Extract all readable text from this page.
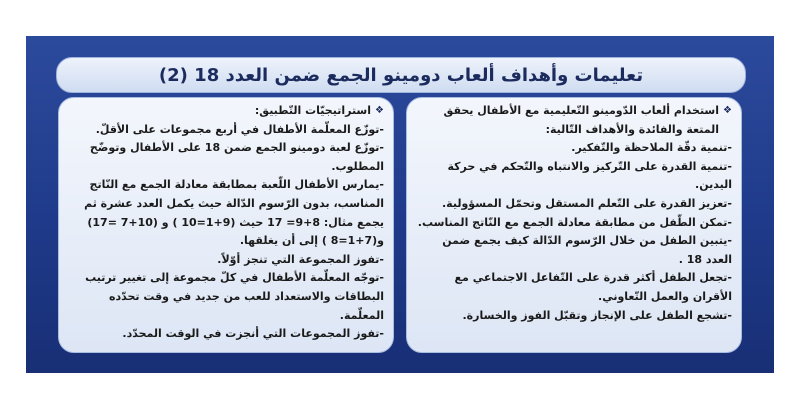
تعليمات وأهداف ألعاب دومينو الجمع ضمن العدد 18 (2)
❖
استخدام ألعاب الدّومينو التّعليمية مع الأطفال يحقق المتعة والفائدة والأهداف التّالية:
-تنمية دقّة الملاحظة والتّفكير.
-تنمية القدرة على التّركيز والانتباه والتّحكم في حركة اليدين.
-تعزيز القدرة على التّعلم المستقل وتحمّل المسؤولية.
-تمكن الطّفل من مطابقة معادلة الجمع مع النّاتج المناسب.
-يتبين الطفل من خلال الرّسوم الدّالة كيف يجمع ضمن العدد 18 .
-تجعل الطفل أكثر قدرة على التّفاعل الاجتماعي مع الأقران والعمل التّعاوني.
-تشجع الطفل على الإنجاز وتقبّل الفوز والخسارة.
❖
استراتيجيّات التّطبيق:
-توزّع المعلّمة الأطفال في أربع مجموعات على الأقلّ.
-توزّع لعبة دومينو الجمع ضمن 18 على الأطفال وتوضّح المطلوب.
-يمارس الأطفال اللّعبة بمطابقة معادلة الجمع مع النّاتج المناسب، بدون الرّسوم الدّالة حيث يكمل العدد عشرة ثم يجمع مثال: 8+9= 17 حيث (9+1=10 ) و (10+7 =17) و(7+1=8 ) إلى أن يغلقها.
-تفوز المجموعة التي تنجز أوّلاً.
-توجّه المعلّمة الأطفال في كلّ مجموعة إلى تغيير ترتيب البطاقات والاستعداد للعب من جديد في وقت تحدّده المعلّمة.
-تفوز المجموعات التي أنجزت في الوقت المحدّد.
